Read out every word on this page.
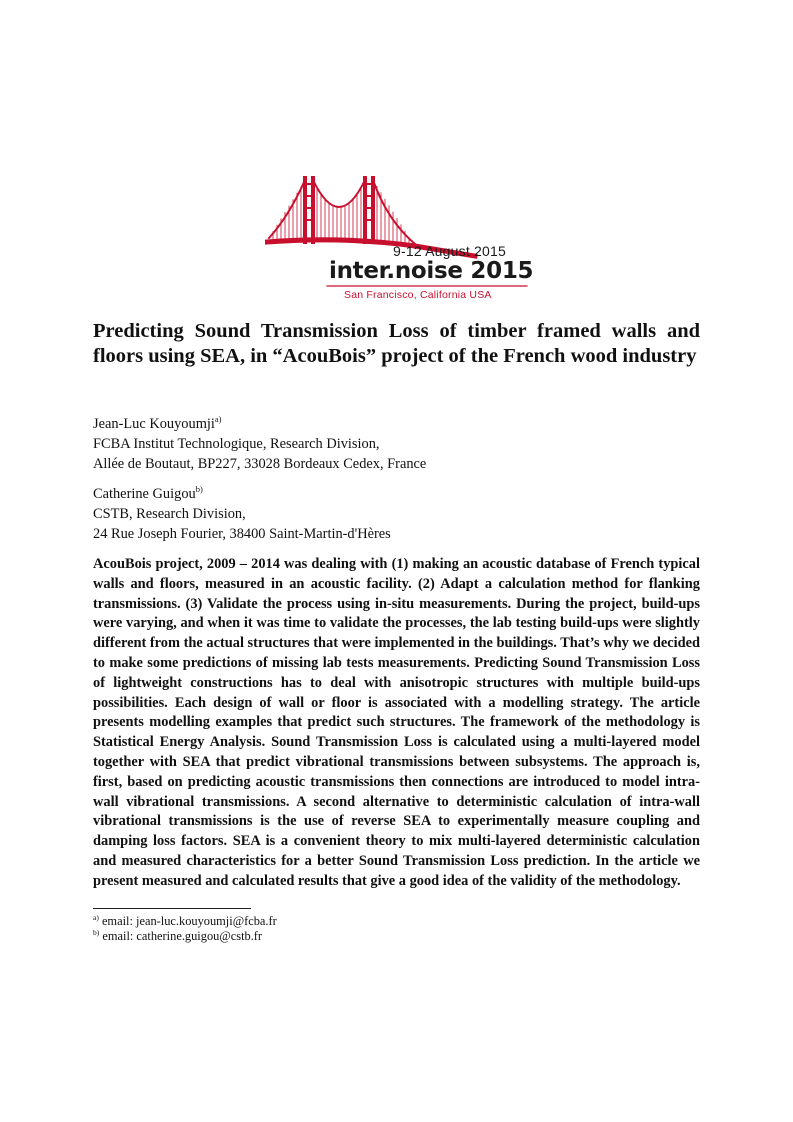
9-12 August 2015
inter.noise 2015
San Francisco, California USA
Predicting Sound Transmission Loss of timber framed walls and floors using SEA, in “AcouBois” project of the French wood industry
Jean-Luc Kouyoumji$^{a)}$
FCBA Institut Technologique, Research Division,
Allée de Boutaut, BP227, 33028 Bordeaux Cedex, France
Catherine Guigou$^{b)}$
CSTB, Research Division,
24 Rue Joseph Fourier, 38400 Saint-Martin-d'Hères

AcouBois project, 2009 – 2014 was dealing with (1) making an acoustic database of French typical walls and floors, measured in an acoustic facility. (2) Adapt a calculation method for flanking transmissions. (3) Validate the process using in-situ measurements. During the project, build-ups were varying, and when it was time to validate the processes, the lab testing build-ups were slightly different from the actual structures that were implemented in the buildings. That’s why we decided to make some predictions of missing lab tests measurements. Predicting Sound Transmission Loss of lightweight constructions has to deal with anisotropic structures with multiple build-ups possibilities. Each design of wall or floor is associated with a modelling strategy. The article presents modelling examples that predict such structures. The framework of the methodology is Statistical Energy Analysis. Sound Transmission Loss is calculated using a multi-layered model together with SEA that predict vibrational transmissions between subsystems. The approach is, first, based on predicting acoustic transmissions then connections are introduced to model intra-wall vibrational transmissions. A second alternative to deterministic calculation of intra-wall vibrational transmissions is the use of reverse SEA to experimentally measure coupling and damping loss factors. SEA is a convenient theory to mix multi-layered deterministic calculation and measured characteristics for a better Sound Transmission Loss prediction. In the article we present measured and calculated results that give a good idea of the validity of the methodology.

$^{a)}$ email: jean-luc.kouyoumji@fcba.fr
$^{b)}$ email: catherine.guigou@cstb.fr
